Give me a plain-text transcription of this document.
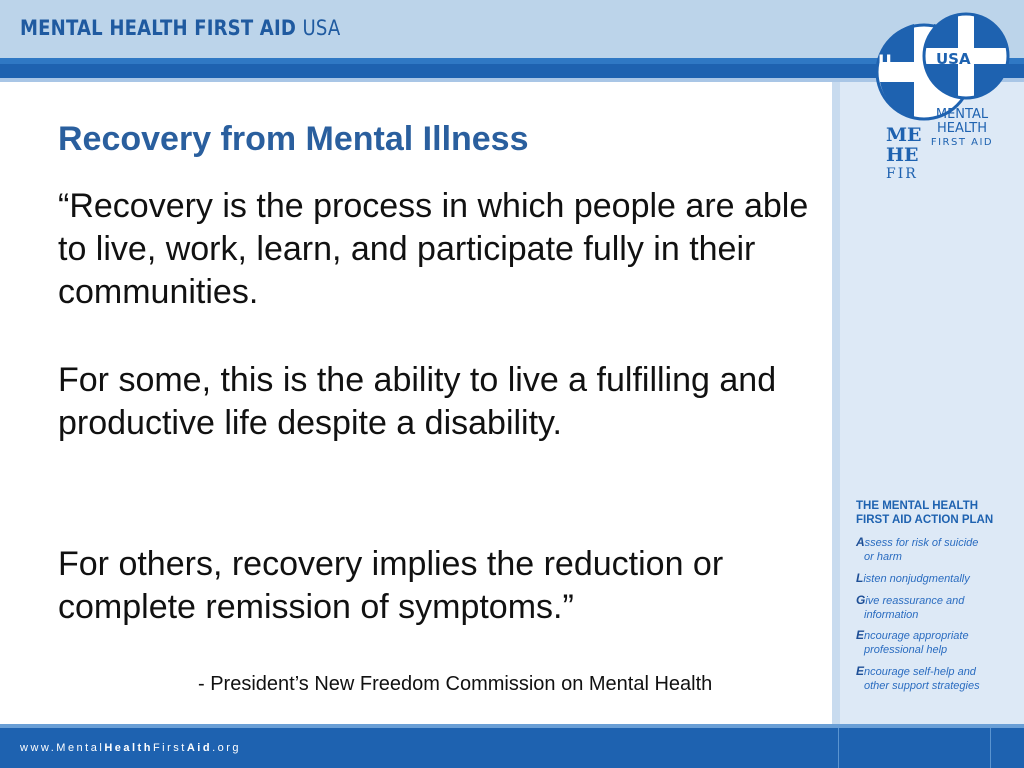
MENTAL HEALTH FIRST AID USA
USA
U
MENTAL
HEALTH
FIRST AID
ME
HE
FIR
Recovery from Mental Illness

“Recovery is the process in which people are able to live, work, learn, and participate fully in their communities.

For some, this is the ability to live a fulfilling and productive life despite a disability.

For others, recovery implies the reduction or complete remission of symptoms.”

- President’s New Freedom Commission on Mental Health
THE MENTAL HEALTH
FIRST AID ACTION PLAN
Assess for risk of suicide
or harm
Listen nonjudgmentally
Give reassurance and
information
Encourage appropriate
professional help
Encourage self-help and
other support strategies
www.MentalHealthFirstAid.org
